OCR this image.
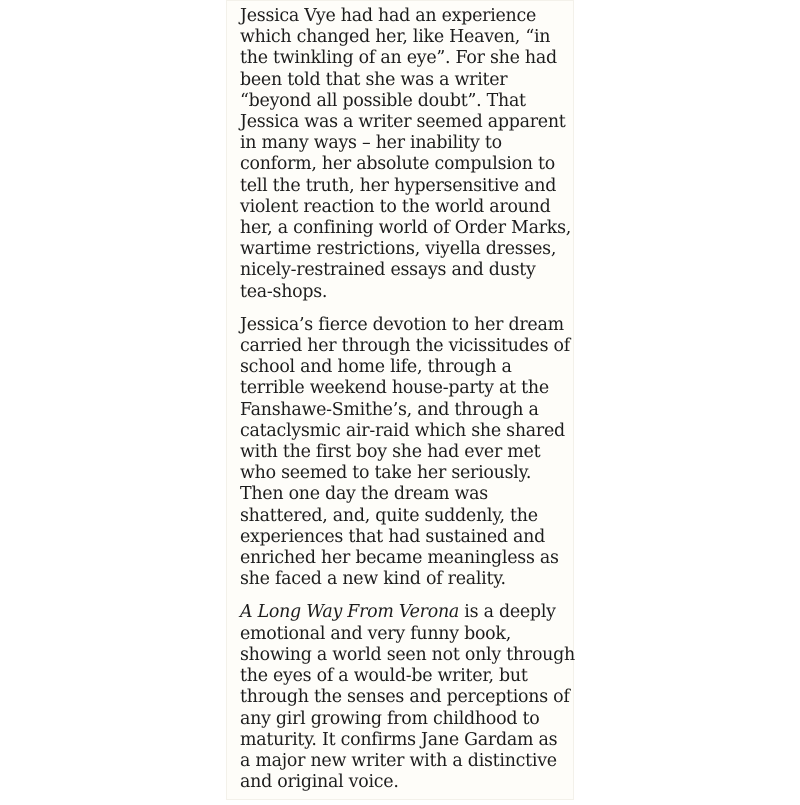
Jessica Vye had had an experience
which changed her, like Heaven, “in
the twinkling of an eye”. For she had
been told that she was a writer
“beyond all possible doubt”. That
Jessica was a writer seemed apparent
in many ways – her inability to
conform, her absolute compulsion to
tell the truth, her hypersensitive and
violent reaction to the world around
her, a confining world of Order Marks,
wartime restrictions, viyella dresses,
nicely-restrained essays and dusty
tea-shops.

Jessica’s fierce devotion to her dream
carried her through the vicissitudes of
school and home life, through a
terrible weekend house-party at the
Fanshawe-Smithe’s, and through a
cataclysmic air-raid which she shared
with the first boy she had ever met
who seemed to take her seriously.
Then one day the dream was
shattered, and, quite suddenly, the
experiences that had sustained and
enriched her became meaningless as
she faced a new kind of reality.

A Long Way From Verona is a deeply
emotional and very funny book,
showing a world seen not only through
the eyes of a would-be writer, but
through the senses and perceptions of
any girl growing from childhood to
maturity. It confirms Jane Gardam as
a major new writer with a distinctive
and original voice.
